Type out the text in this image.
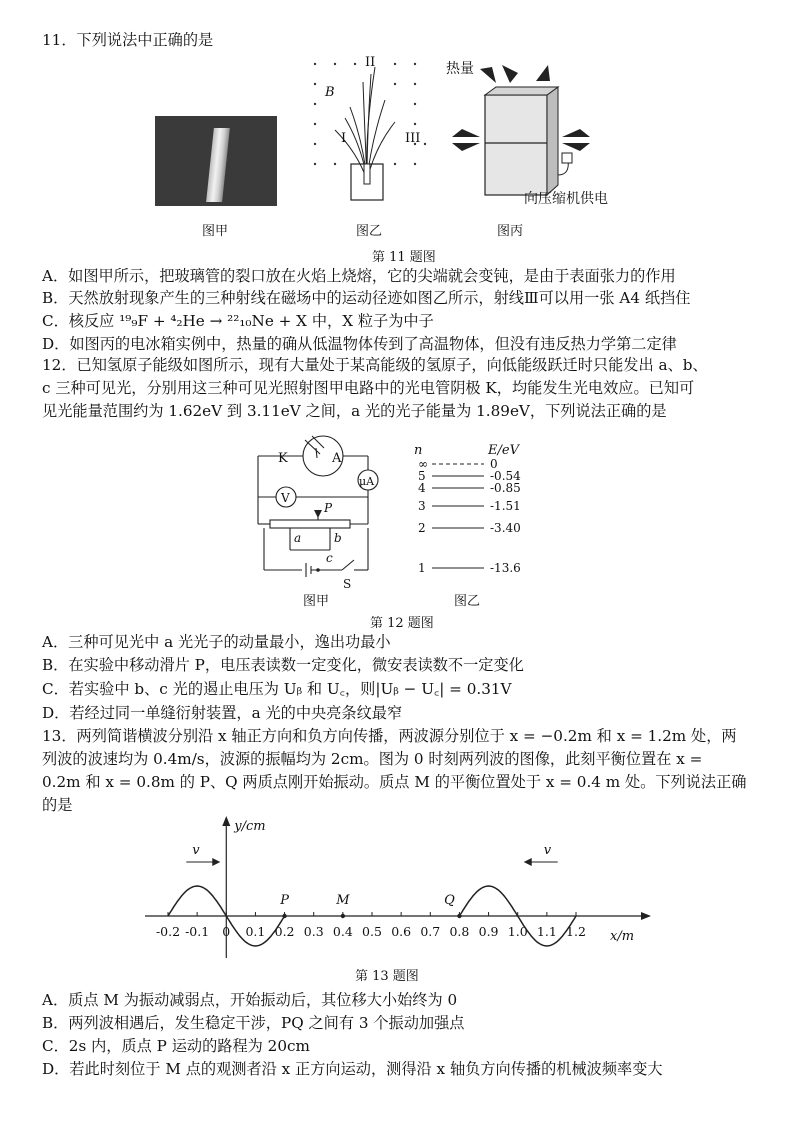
11．下列说法中正确的是
图甲
II
B
I	III
图乙
热量
向压缩机供电
图丙
第 11 题图
A．如图甲所示，把玻璃管的裂口放在火焰上烧熔，它的尖端就会变钝，是由于表面张力的作用
B．天然放射现象产生的三种射线在磁场中的运动径迹如图乙所示，射线Ⅲ可以用一张 A4 纸挡住
C．核反应 ¹⁹₉F + ⁴₂He → ²²₁₀Ne + X 中，X 粒子为中子
D．如图丙的电冰箱实例中，热量的确从低温物体传到了高温物体，但没有违反热力学第二定律
12．已知氢原子能级如图所示，现有大量处于某高能级的氢原子，向低能级跃迁时只能发出 a、b、
c 三种可见光，分别用这三种可见光照射图甲电路中的光电管阴极 K，均能发生光电效应。已知可
见光能量范围约为 1.62eV 到 3.11eV 之间，a 光的光子能量为 1.89eV，下列说法正确的是
K	A
μA
V
P
a	b
c
S
图甲
n	E/eV
∞	0
5	-0.54
4	-0.85
3	-1.51
2	-3.40
1	-13.6
图乙
第 12 题图
A．三种可见光中 a 光光子的动量最小，逸出功最小
B．在实验中移动滑片 P，电压表读数一定变化，微安表读数不一定变化
C．若实验中 b、c 光的遏止电压为 Uᵦ 和 U꜀，则|Uᵦ − U꜀| = 0.31V
D．若经过同一单缝衍射装置，a 光的中央亮条纹最窄
13．两列简谐横波分别沿 x 轴正方向和负方向传播，两波源分别位于 x = −0.2m 和 x = 1.2m 处，两
列波的波速均为 0.4m/s，波源的振幅均为 2cm。图为 0 时刻两列波的图像，此刻平衡位置在 x =
0.2m 和 x = 0.8m 的 P、Q 两质点刚开始振动。质点 M 的平衡位置处于 x = 0.4 m 处。下列说法正确
的是
-0.2 -0.1 0 0.1 0.2 0.3 0.4 0.5 0.6 0.7 0.8 0.9 1.0 1.1 1.2
v	v
P	M	Q
y/cm
x/m
第 13 题图
A．质点 M 为振动减弱点，开始振动后，其位移大小始终为 0
B．两列波相遇后，发生稳定干涉，PQ 之间有 3 个振动加强点
C．2s 内，质点 P 运动的路程为 20cm
D．若此时刻位于 M 点的观测者沿 x 正方向运动，测得沿 x 轴负方向传播的机械波频率变大
